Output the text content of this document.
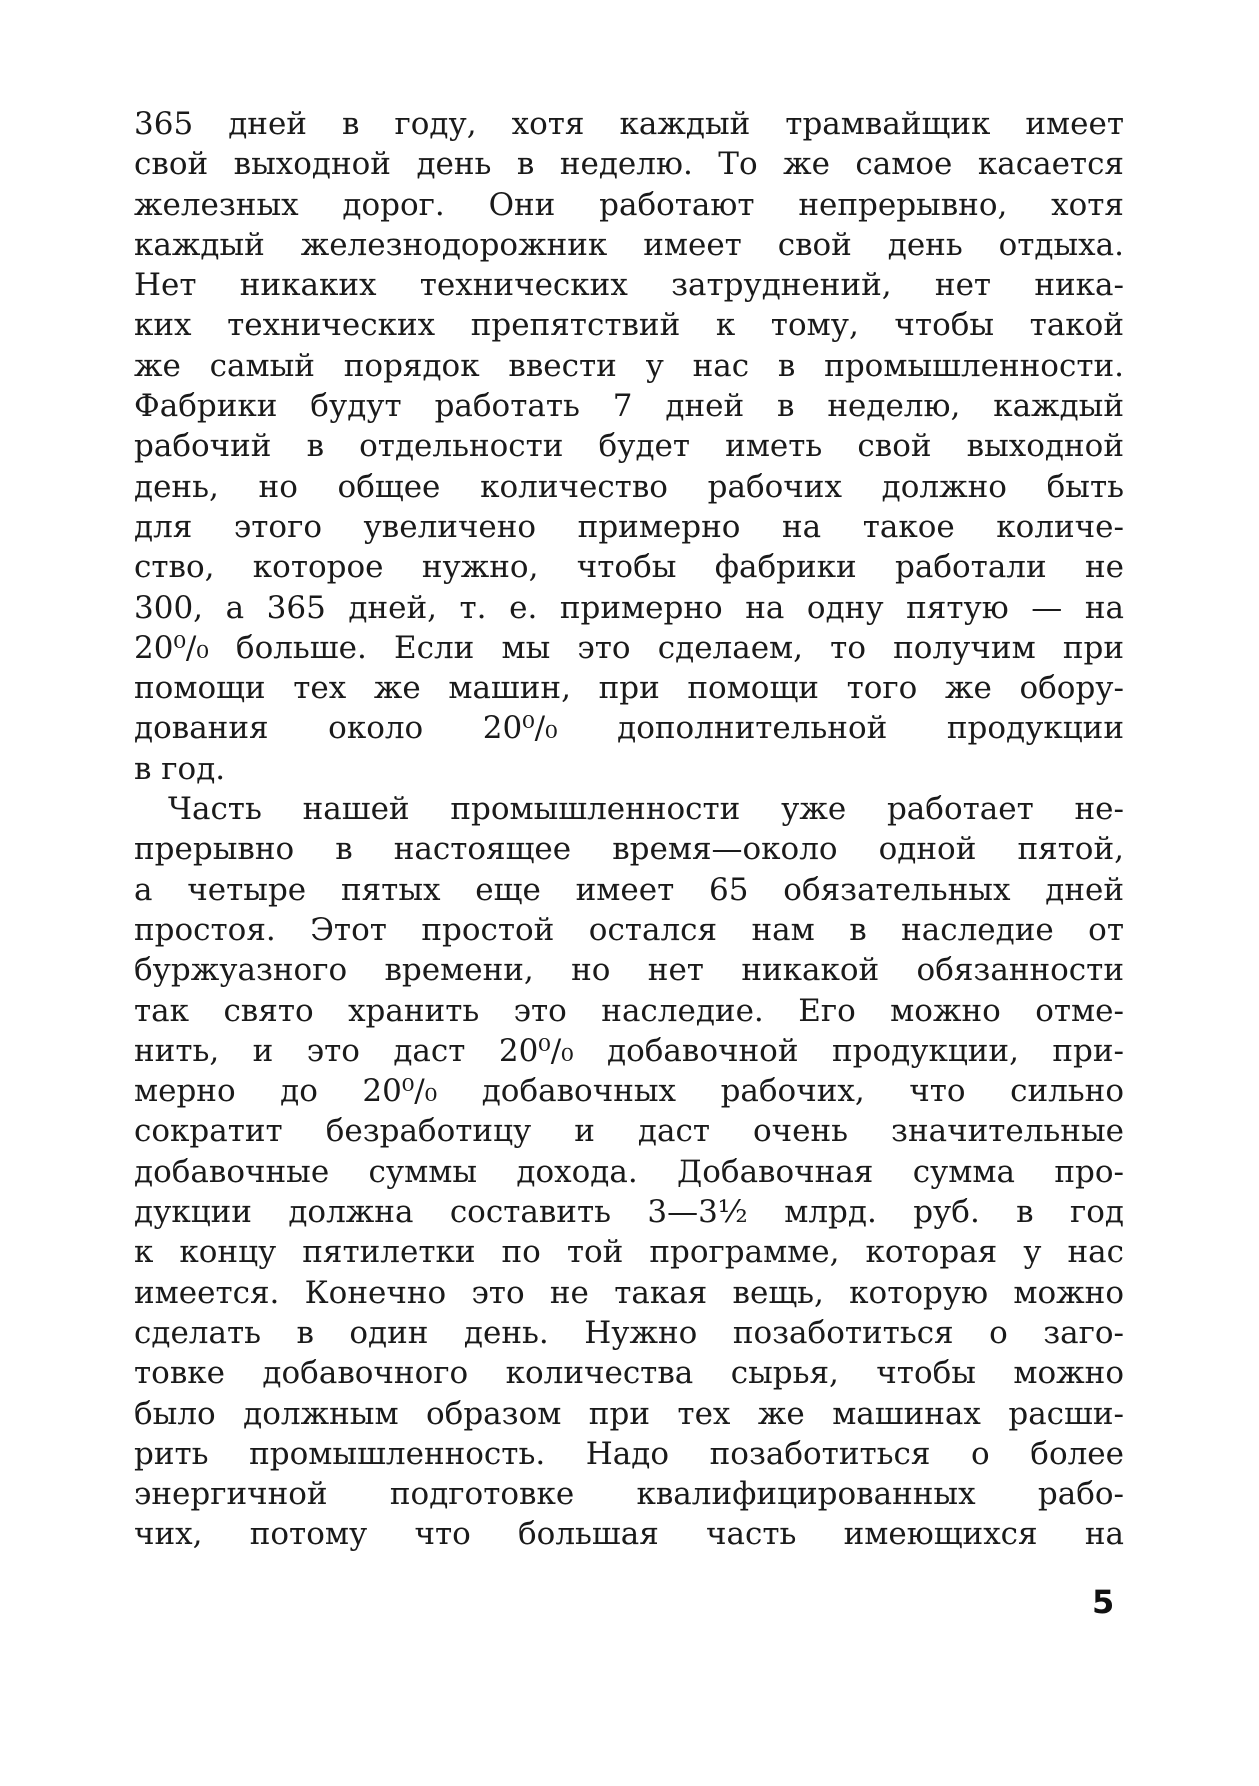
365 дней в году, хотя каждый трамвайщик имеет
свой выходной день в неделю. То же самое касается
железных дорог. Они работают непрерывно, хотя
каждый железнодорожник имеет свой день отдыха.
Нет никаких технических затруднений, нет ника-
ких технических препятствий к тому, чтобы такой
же самый порядок ввести у нас в промышленности.
Фабрики будут работать 7 дней в неделю, каждый
рабочий в отдельности будет иметь свой выходной
день, но общее количество рабочих должно быть
для этого увеличено примерно на такое количе-
ство, которое нужно, чтобы фабрики работали не
300, а 365 дней, т. е. примерно на одну пятую — на
20⁰/₀ больше. Если мы это сделаем, то получим при
помощи тех же машин, при помощи того же обору-
дования около 20⁰/₀ дополнительной продукции
в год.
Часть нашей промышленности уже работает не-
прерывно в настоящее время—около одной пятой,
а четыре пятых еще имеет 65 обязательных дней
простоя. Этот простой остался нам в наследие от
буржуазного времени, но нет никакой обязанности
так свято хранить это наследие. Его можно отме-
нить, и это даст 20⁰/₀ добавочной продукции, при-
мерно до 20⁰/₀ добавочных рабочих, что сильно
сократит безработицу и даст очень значительные
добавочные суммы дохода. Добавочная сумма про-
дукции должна составить 3—3½ млрд. руб. в год
к концу пятилетки по той программе, которая у нас
имеется. Конечно это не такая вещь, которую можно
сделать в один день. Нужно позаботиться о заго-
товке добавочного количества сырья, чтобы можно
было должным образом при тех же машинах расши-
рить промышленность. Надо позаботиться о более
энергичной подготовке квалифицированных рабо-
чих, потому что большая часть имеющихся на
5
